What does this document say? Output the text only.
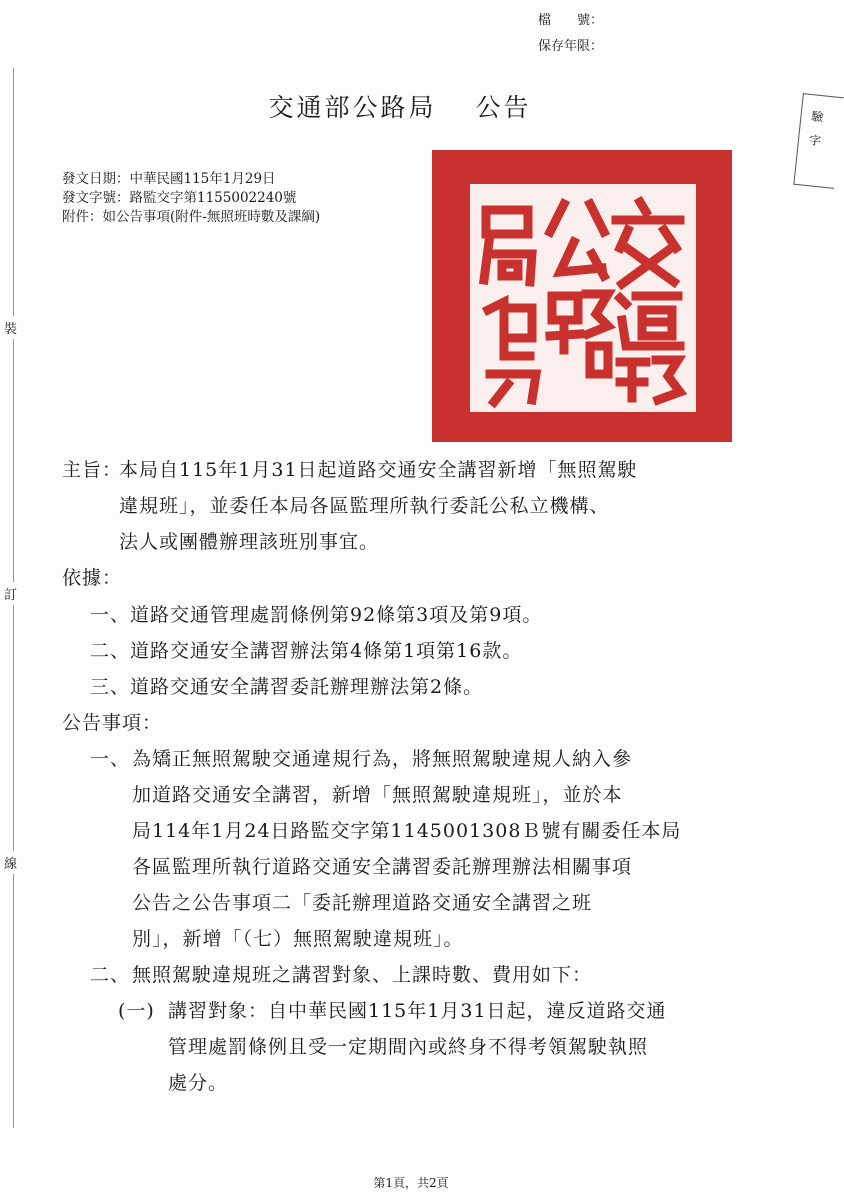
檔　　號：
保存年限：
裝
訂
線
驗
字
交通部公路局　 公告
發文日期：中華民國115年1月29日
發文字號：路監交字第1155002240號
附件：如公告事項(附件-無照班時數及課綱)
主旨：
本局自115年1月31日起道路交通安全講習新增「無照駕駛
違規班」，並委任本局各區監理所執行委託公私立機構、
法人或團體辦理該班別事宜。
依據：
一、道路交通管理處罰條例第92條第3項及第9項。
二、道路交通安全講習辦法第4條第1項第16款。
三、道路交通安全講習委託辦理辦法第2條。
公告事項：
一、 為矯正無照駕駛交通違規行為，將無照駕駛違規人納入參
加道路交通安全講習，新增「無照駕駛違規班」，並於本
局114年1月24日路監交字第1145001308Ｂ號有關委任本局
各區監理所執行道路交通安全講習委託辦理辦法相關事項
公告之公告事項二「委託辦理道路交通安全講習之班
別」，新增「（七）無照駕駛違規班」。
二、 無照駕駛違規班之講習對象、上課時數、費用如下：
(一) 講習對象：自中華民國115年1月31日起，違反道路交通
管理處罰條例且受一定期間內或終身不得考領駕駛執照
處分。
第1頁，共2頁
